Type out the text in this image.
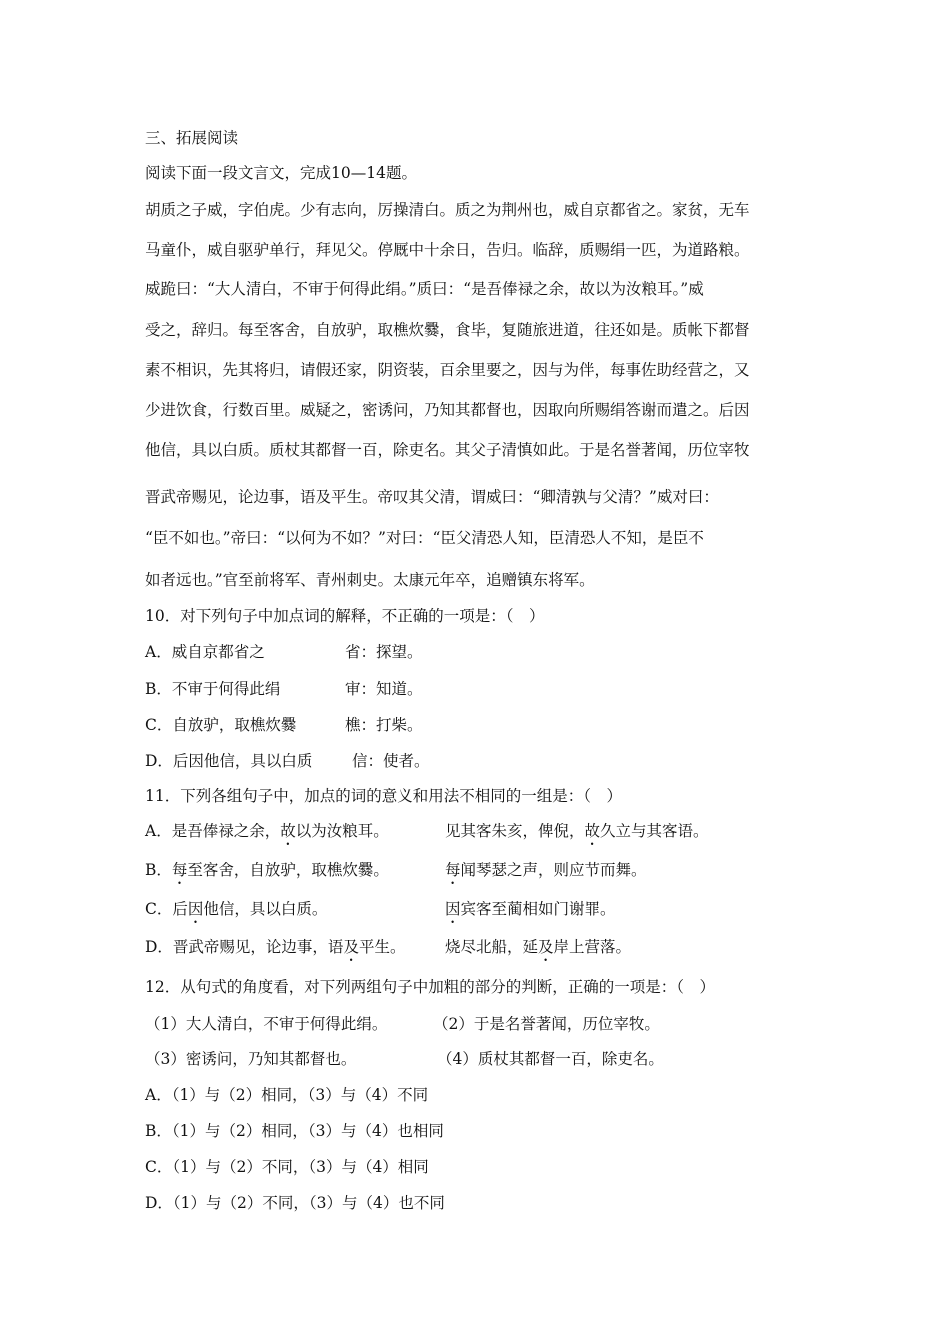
三、拓展阅读
阅读下面一段文言文，完成10—14题。
胡质之子威，字伯虎。少有志向，厉操清白。质之为荆州也，威自京都省之。家贫，无车
马童仆，威自驱驴单行，拜见父。停厩中十余日，告归。临辞，质赐绢一匹，为道路粮。
威跪曰：“大人清白，不审于何得此绢。”质曰：“是吾俸禄之余，故以为汝粮耳。”威
受之，辞归。每至客舍，自放驴，取樵炊爨，食毕，复随旅进道，往还如是。质帐下都督
素不相识，先其将归，请假还家，阴资装，百余里要之，因与为伴，每事佐助经营之，又
少进饮食，行数百里。威疑之，密诱问，乃知其都督也，因取向所赐绢答谢而遣之。后因
他信，具以白质。质杖其都督一百，除吏名。其父子清慎如此。于是名誉著闻，历位宰牧
晋武帝赐见，论边事，语及平生。帝叹其父清，谓威曰：“卿清孰与父清？”威对曰：
“臣不如也。”帝曰：“以何为不如？”对曰：“臣父清恐人知，臣清恐人不知，是臣不
如者远也。”官至前将军、青州刺史。太康元年卒，追赠镇东将军。
10．对下列句子中加点词的解释，不正确的一项是：（　）
A．威自京都省之	省：探望。
B．不审于何得此绢	审：知道。
C．自放驴，取樵炊爨	樵：打柴。
D．后因他信，具以白质	信：使者。
11．下列各组句子中，加点的词的意义和用法不相同的一组是：（　）
A．是吾俸禄之余，故以为汝粮耳。	见其客朱亥，俾倪，故久立与其客语。
B．每至客舍，自放驴，取樵炊爨。	每闻琴瑟之声，则应节而舞。
C．后因他信，具以白质。	因宾客至蔺相如门谢罪。
D．晋武帝赐见，论边事，语及平生。	烧尽北船，延及岸上营落。
12．从句式的角度看，对下列两组句子中加粗的部分的判断，正确的一项是：（　）
（1）大人清白，不审于何得此绢。	（2）于是名誉著闻，历位宰牧。
（3）密诱问，乃知其都督也。	（4）质杖其都督一百，除吏名。
A．（1）与（2）相同，（3）与（4）不同
B．（1）与（2）相同，（3）与（4）也相同
C．（1）与（2）不同，（3）与（4）相同
D．（1）与（2）不同，（3）与（4）也不同
